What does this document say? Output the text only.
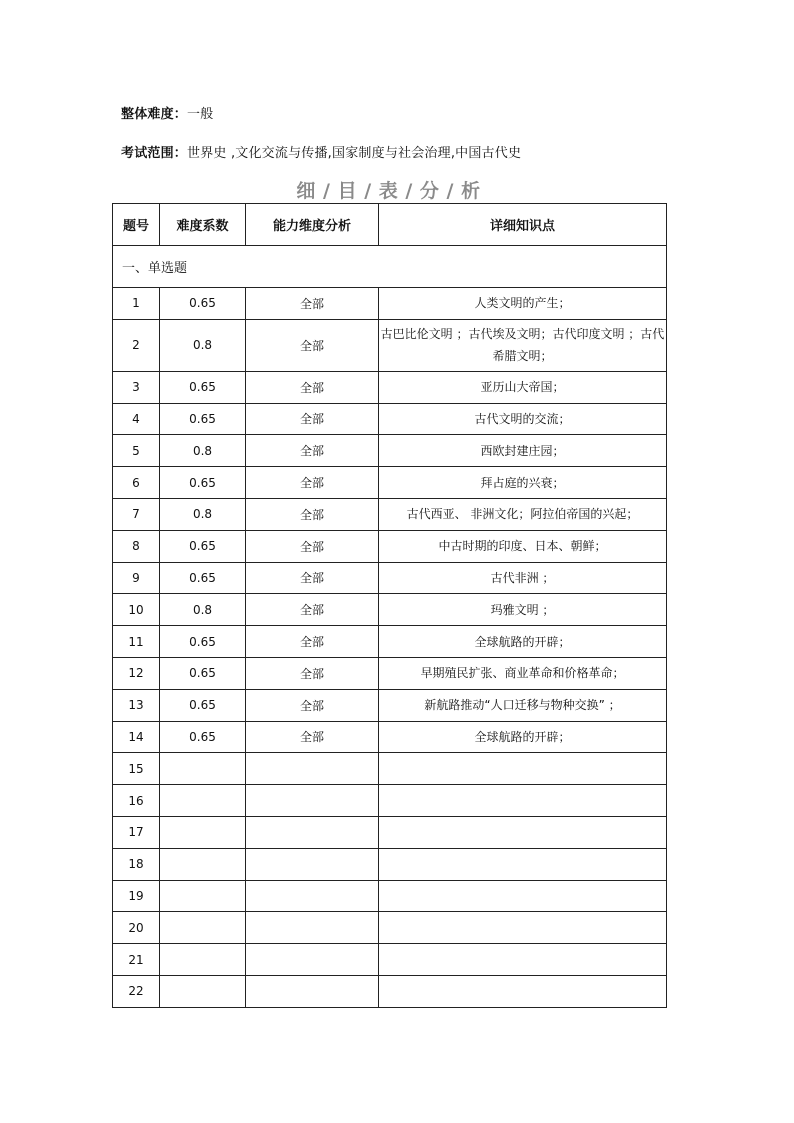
整体难度：一般
考试范围：世界史 ,文化交流与传播,国家制度与社会治理,中国古代史
细 / 目 / 表 / 分 / 析
题号	难度系数	能力维度分析	详细知识点
一、单选题			
1	0.65	全部	人类文明的产生；
2	0.8	全部	古巴比伦文明 ；古代埃及文明；古代印度文明 ；古代希腊文明；
3	0.65	全部	亚历山大帝国；
4	0.65	全部	古代文明的交流；
5	0.8	全部	西欧封建庄园；
6	0.65	全部	拜占庭的兴衰；
7	0.8	全部	古代西亚、 非洲文化；阿拉伯帝国的兴起；
8	0.65	全部	中古时期的印度、日本、朝鲜；
9	0.65	全部	古代非洲 ；
10	0.8	全部	玛雅文明 ；
11	0.65	全部	全球航路的开辟；
12	0.65	全部	早期殖民扩张、商业革命和价格革命；
13	0.65	全部	新航路推动“人口迁移与物种交换” ；
14	0.65	全部	全球航路的开辟；
15			
16			
17			
18			
19			
20			
21			
22			
